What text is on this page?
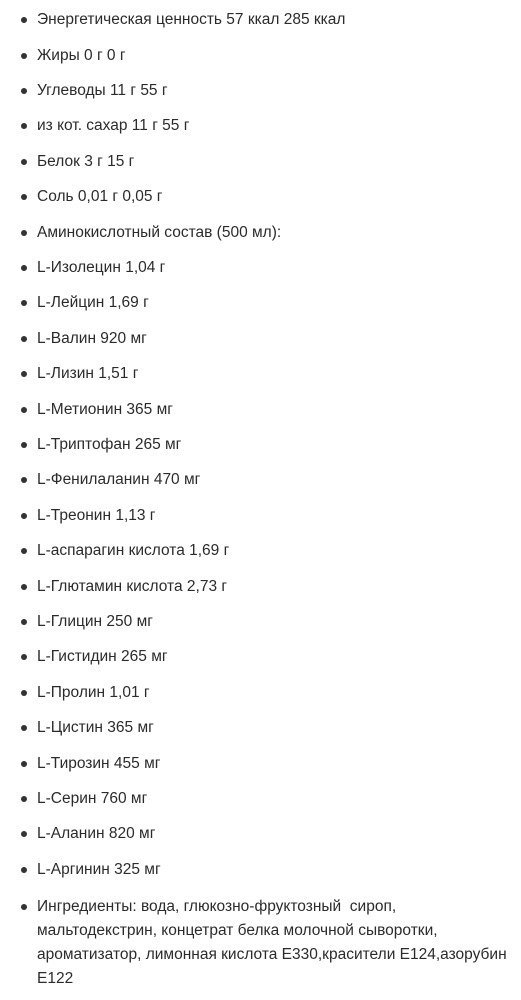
Энергетическая ценность 57 ккал 285 ккал
Жиры 0 г 0 г
Углеводы 11 г 55 г
из кот. сахар 11 г 55 г
Белок 3 г 15 г
Соль 0,01 г 0,05 г
Аминокислотный состав (500 мл):
L-Изолецин 1,04 г
L-Лейцин 1,69 г
L-Валин 920 мг
L-Лизин 1,51 г
L-Метионин 365 мг
L-Триптофан 265 мг
L-Фенилаланин 470 мг
L-Треонин 1,13 г
L-аспарагин кислота 1,69 г
L-Глютамин кислота 2,73 г
L-Глицин 250 мг
L-Гистидин 265 мг
L-Пролин 1,01 г
L-Цистин 365 мг
L-Тирозин 455 мг
L-Серин 760 мг
L-Аланин 820 мг
L-Аргинин 325 мг
Ингредиенты: вода, глюкозно-фруктозный  сироп, мальтодекстрин, концетрат белка молочной сыворотки, ароматизатор, лимонная кислота Е330,красители Е124,азорубин Е122
